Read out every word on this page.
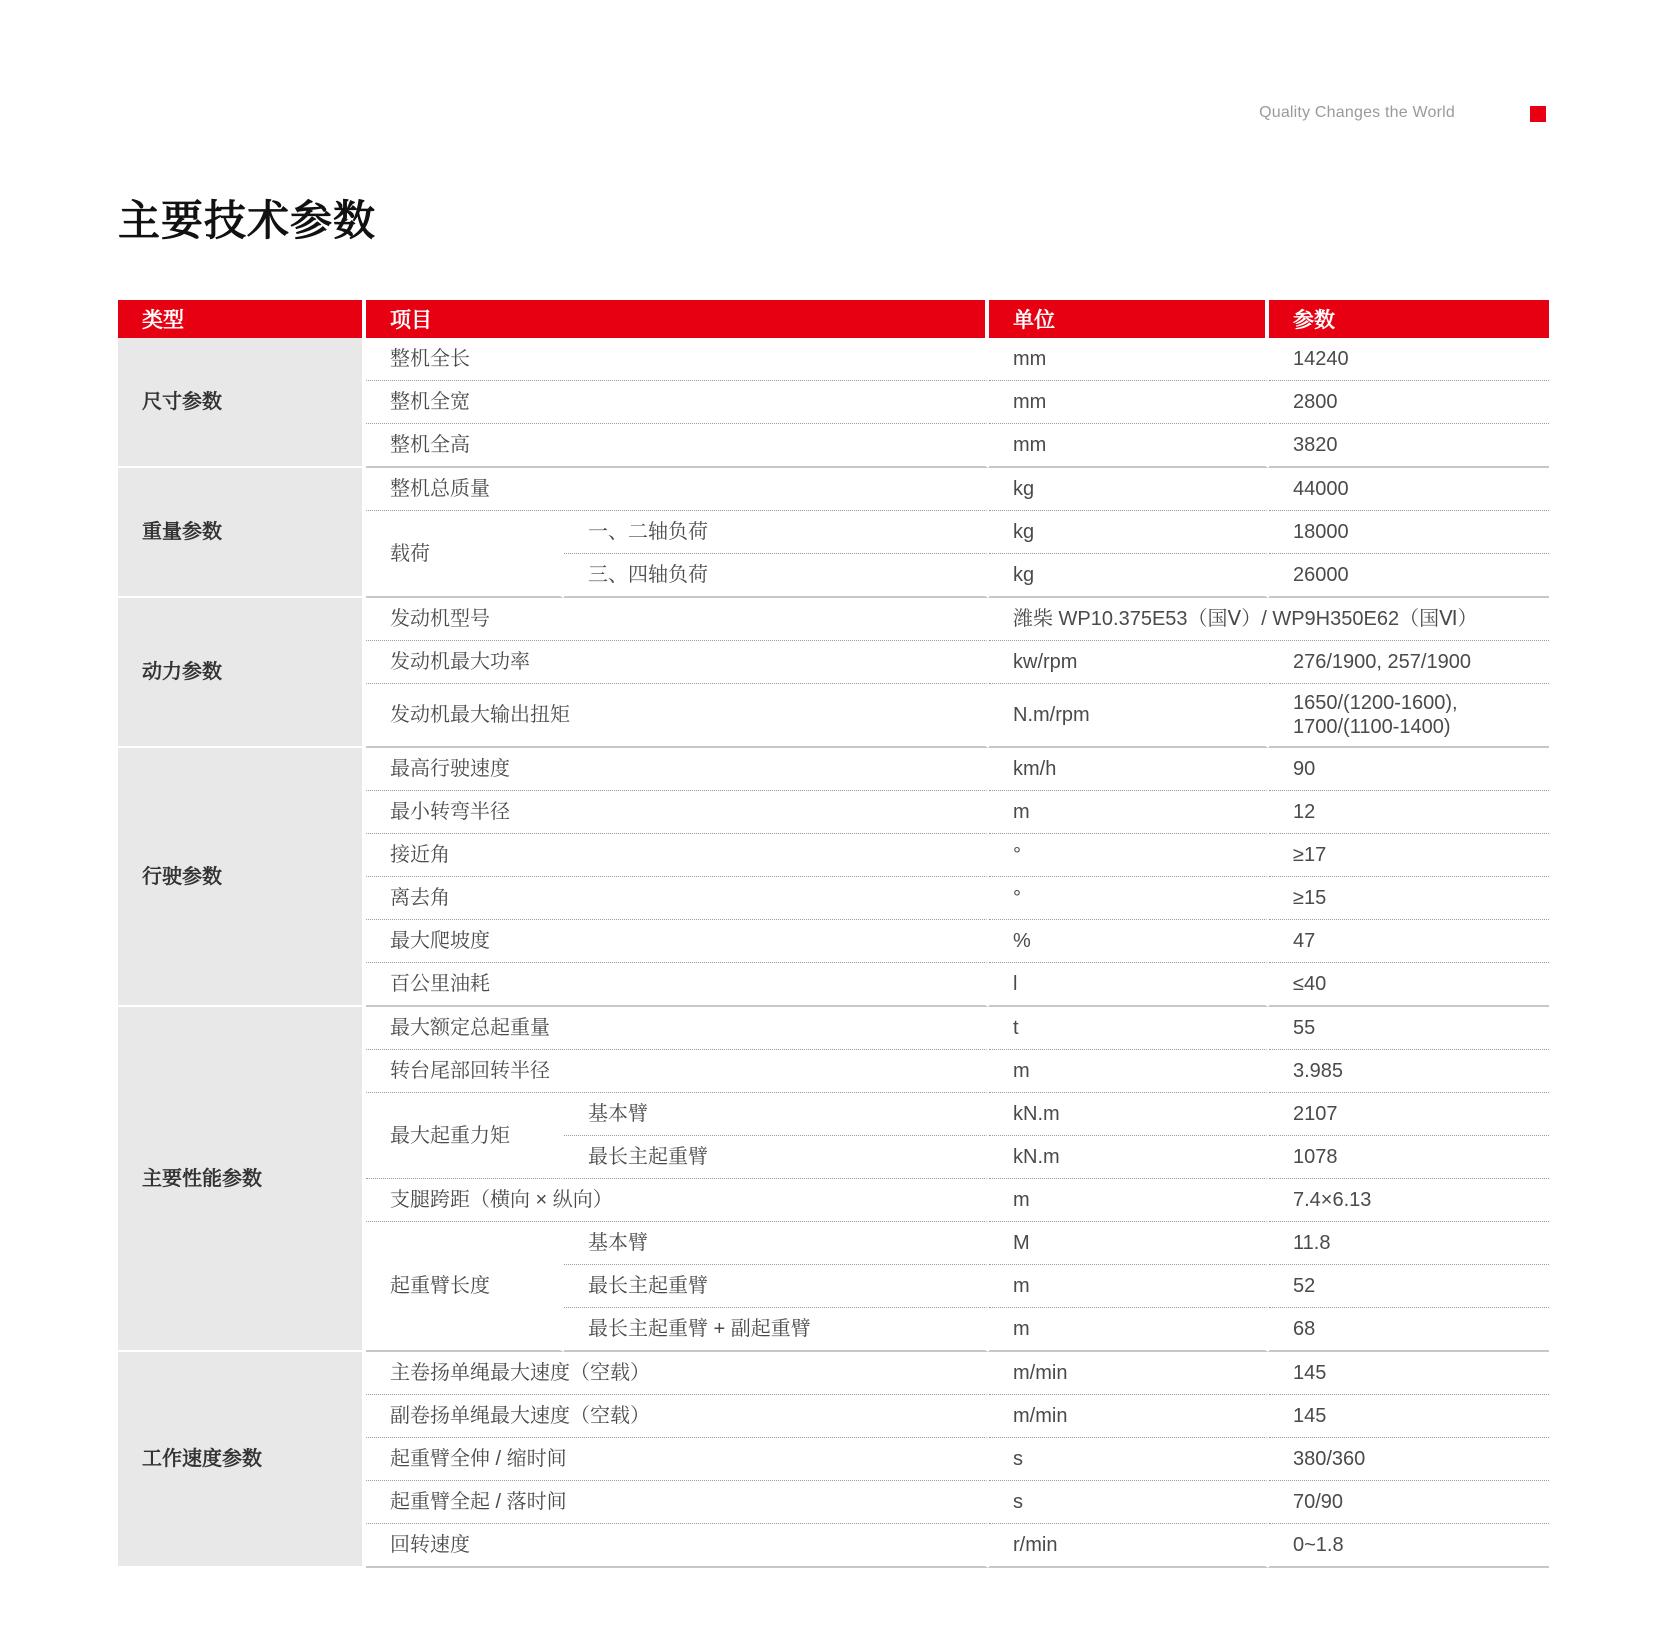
Quality Changes the World
主要技术参数
类型	项目		单位	参数
尺寸参数	整机全长		mm	14240
	整机全宽		mm	2800
	整机全高		mm	3820
重量参数	整机总质量		kg	44000
	载荷	一、二轴负荷	kg	18000
		三、四轴负荷	kg	26000
动力参数	发动机型号		潍柴 WP10.375E53（国Ⅴ）/ WP9H350E62（国Ⅵ）	
	发动机最大功率		kw/rpm	276/1900, 257/1900
	发动机最大输出扭矩		N.m/rpm	1650/(1200-1600),
1700/(1100-1400)

行驶参数	最高行驶速度		km/h	90
	最小转弯半径		m	12
	接近角		°	≥17
	离去角		°	≥15
	最大爬坡度		%	47
	百公里油耗		l	≤40
主要性能参数	最大额定总起重量		t	55
	转台尾部回转半径		m	3.985
	最大起重力矩	基本臂	kN.m	2107
		最长主起重臂	kN.m	1078
	支腿跨距（横向 × 纵向）		m	7.4×6.13
	起重臂长度	基本臂	M	11.8
		最长主起重臂	m	52
		最长主起重臂 + 副起重臂	m	68
工作速度参数	主卷扬单绳最大速度（空载）		m/min	145
	副卷扬单绳最大速度（空载）		m/min	145
	起重臂全伸 / 缩时间		s	380/360
	起重臂全起 / 落时间		s	70/90
	回转速度		r/min	0~1.8
